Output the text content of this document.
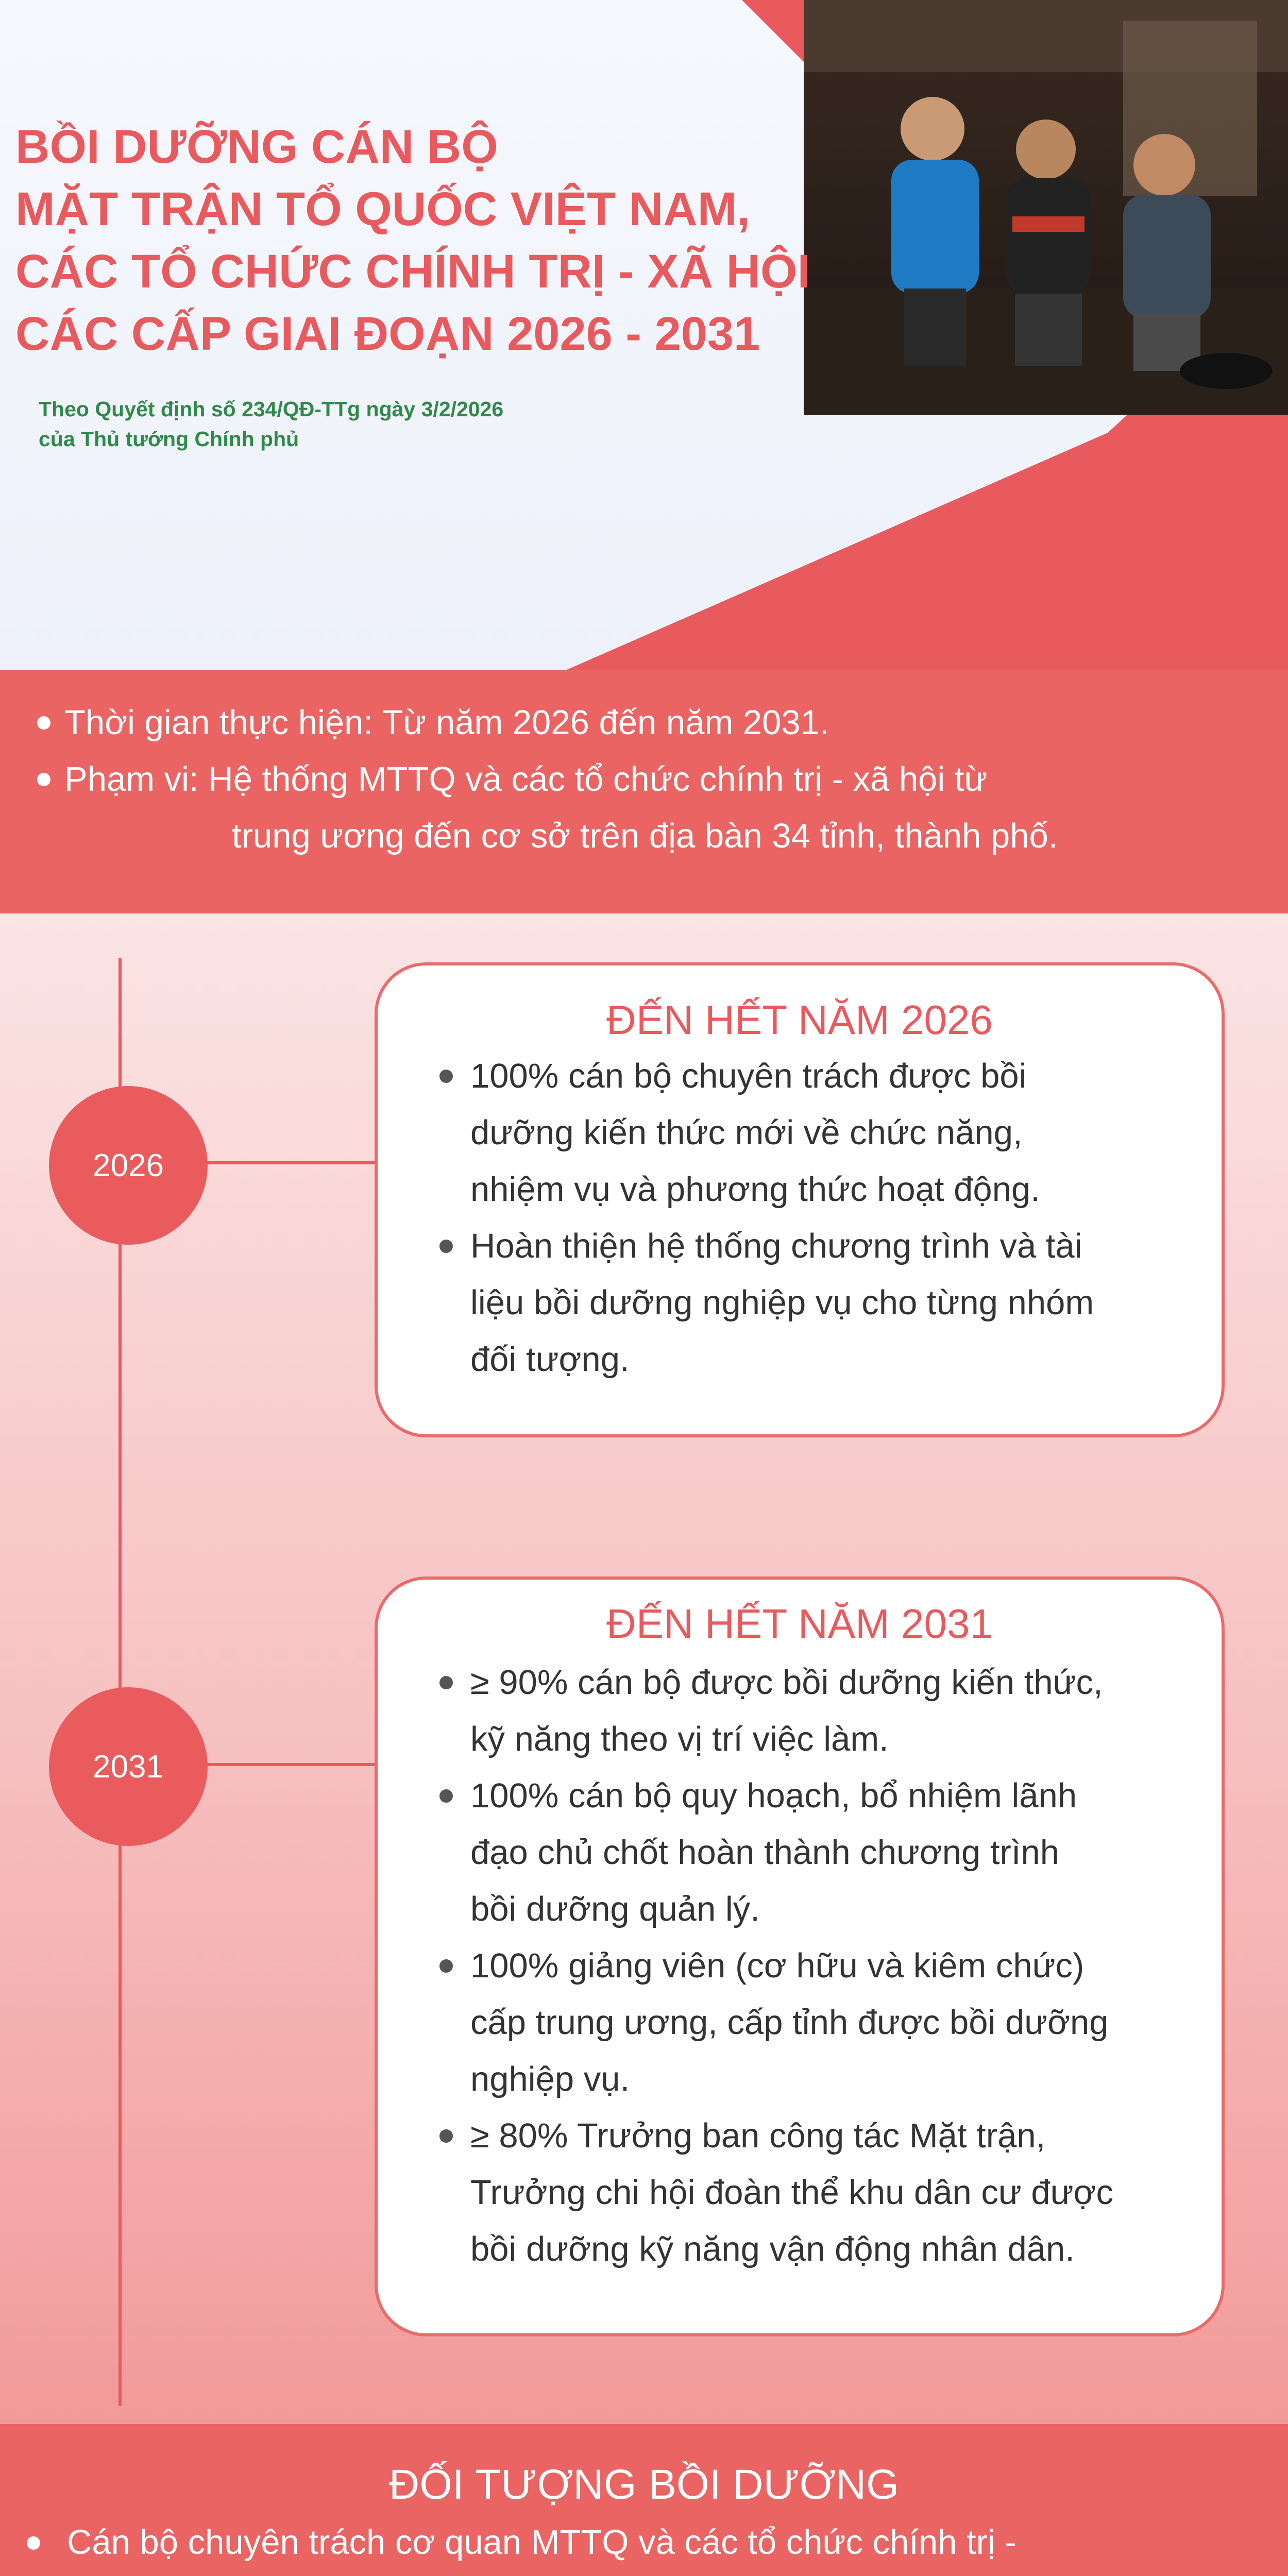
BỒI DƯỠNG CÁN BỘ
MẶT TRẬN TỔ QUỐC VIỆT NAM,
CÁC TỔ CHỨC CHÍNH TRỊ - XÃ HỘI
CÁC CẤP GIAI ĐOẠN 2026 - 2031
Theo Quyết định số 234/QĐ-TTg ngày 3/2/2026
của Thủ tướng Chính phủ
Thời gian thực hiện: Từ năm 2026 đến năm 2031.
Phạm vi: Hệ thống MTTQ và các tổ chức chính trị - xã hội từ
trung ương đến cơ sở trên địa bàn 34 tỉnh, thành phố.
2026
2031
ĐẾN HẾT NĂM 2026
100% cán bộ chuyên trách được bồi
dưỡng kiến thức mới về chức năng,
nhiệm vụ và phương thức hoạt động.
Hoàn thiện hệ thống chương trình và tài
liệu bồi dưỡng nghiệp vụ cho từng nhóm
đối tượng.
ĐẾN HẾT NĂM 2031
≥ 90% cán bộ được bồi dưỡng kiến thức,
kỹ năng theo vị trí việc làm.
100% cán bộ quy hoạch, bổ nhiệm lãnh
đạo chủ chốt hoàn thành chương trình
bồi dưỡng quản lý.
100% giảng viên (cơ hữu và kiêm chức)
cấp trung ương, cấp tỉnh được bồi dưỡng
nghiệp vụ.
≥ 80% Trưởng ban công tác Mặt trận,
Trưởng chi hội đoàn thể khu dân cư được
bồi dưỡng kỹ năng vận động nhân dân.
ĐỐI TƯỢNG BỒI DƯỠNG
Cán bộ chuyên trách cơ quan MTTQ và các tổ chức chính trị -
